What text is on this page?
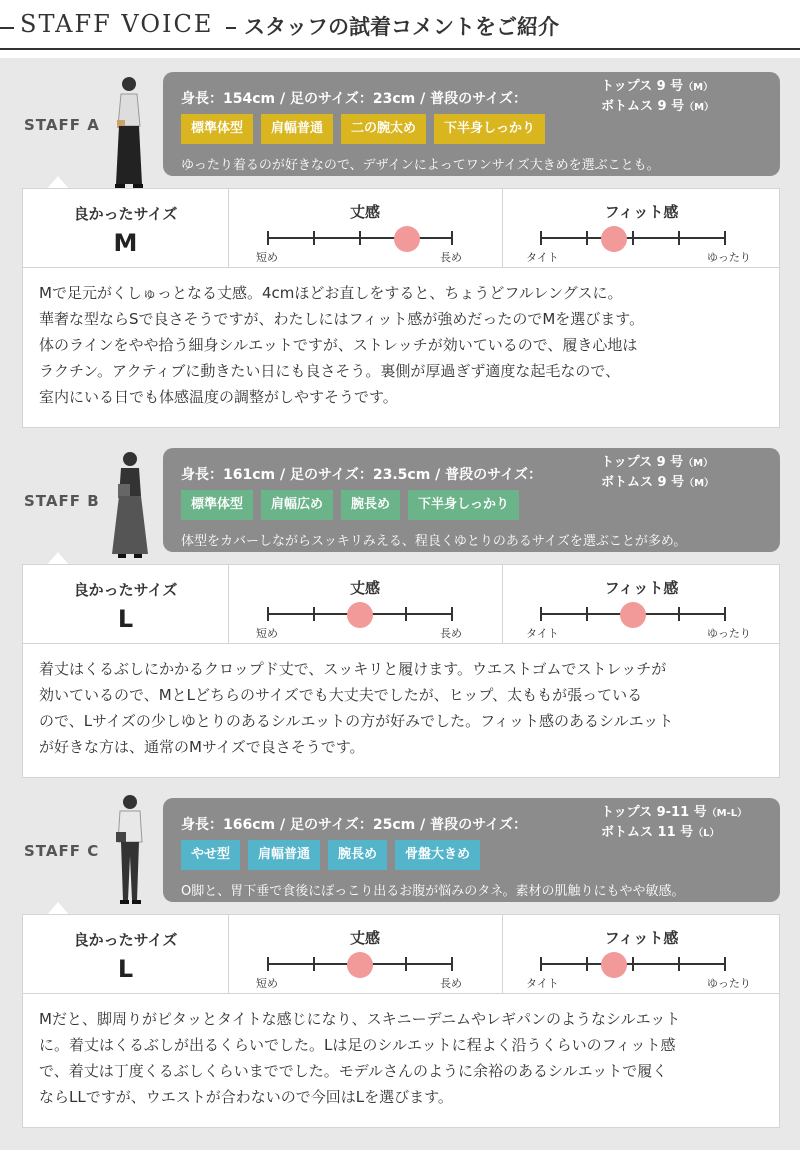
STAFF VOICE スタッフの試着コメントをご紹介
STAFF A
身長：154cm / 足のサイズ：23cm / 普段のサイズ：
トップス 9 号（M）
ボトムス 9 号（M）
標準体型	肩幅普通	二の腕太め	下半身しっかり
ゆったり着るのが好きなので、デザインによってワンサイズ大きめを選ぶことも。
良かったサイズ
M
丈感
短め	長め
フィット感
タイト	ゆったり

Mで足元がくしゅっとなる丈感。4cmほどお直しをすると、ちょうどフルレングスに。

華奢な型ならSで良さそうですが、わたしにはフィット感が強めだったのでMを選びます。

体のラインをやや拾う細身シルエットですが、ストレッチが効いているので、履き心地は

ラクチン。アクティブに動きたい日にも良さそう。裏側が厚過ぎず適度な起毛なので、

室内にいる日でも体感温度の調整がしやすそうです。

STAFF B
身長：161cm / 足のサイズ：23.5cm / 普段のサイズ：
トップス 9 号（M）
ボトムス 9 号（M）
標準体型	肩幅広め	腕長め	下半身しっかり
体型をカバーしながらスッキリみえる、程良くゆとりのあるサイズを選ぶことが多め。
良かったサイズ
L
丈感
短め	長め
フィット感
タイト	ゆったり

着丈はくるぶしにかかるクロップド丈で、スッキリと履けます。ウエストゴムでストレッチが

効いているので、MとLどちらのサイズでも大丈夫でしたが、ヒップ、太ももが張っている

ので、Lサイズの少しゆとりのあるシルエットの方が好みでした。フィット感のあるシルエット

が好きな方は、通常のMサイズで良さそうです。

STAFF C
身長：166cm / 足のサイズ：25cm / 普段のサイズ：
トップス 9-11 号（M-L）
ボトムス 11 号（L）
やせ型	肩幅普通	腕長め	骨盤大きめ
O脚と、胃下垂で食後にぽっこり出るお腹が悩みのタネ。素材の肌触りにもやや敏感。
良かったサイズ
L
丈感
短め	長め
フィット感
タイト	ゆったり

Mだと、脚周りがピタッとタイトな感じになり、スキニーデニムやレギパンのようなシルエット

に。着丈はくるぶしが出るくらいでした。Lは足のシルエットに程よく沿うくらいのフィット感

で、着丈は丁度くるぶしくらいまででした。モデルさんのように余裕のあるシルエットで履く

ならLLですが、ウエストが合わないので今回はLを選びます。
